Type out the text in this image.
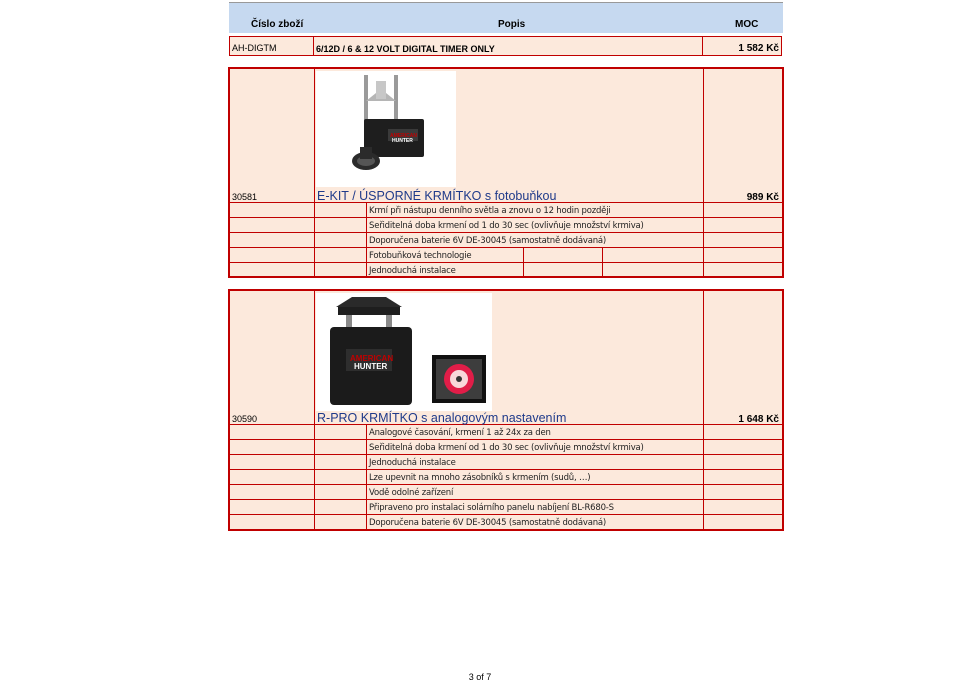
Číslo zboží	Popis	MOC
AH-DIGTM	6/12D / 6 & 12 VOLT DIGITAL TIMER ONLY	1 582 Kč
AMERICAN
HUNTER
30581	E-KIT / ÚSPORNÉ KRMÍTKO s fotobuňkou	989 Kč
Krmí při nástupu denního světla a znovu o 12 hodin později
Seřiditelná doba krmení od 1 do 30 sec (ovlivňuje množství krmiva)
Doporučena baterie 6V DE-30045 (samostatně dodávaná)
Fotobuňková technologie
Jednoduchá instalace
AMERICAN
HUNTER
30590	R-PRO KRMÍTKO s analogovým nastavením	1 648 Kč
Analogové časování, krmení 1 až 24x za den
Seřiditelná doba krmení od 1 do 30 sec (ovlivňuje množství krmiva)
Jednoduchá instalace
Lze upevnit na mnoho zásobníků s krmením (sudů, …)
Vodě odolné zařízení
Připraveno pro instalaci solárního panelu nabíjení BL-R680-S
Doporučena baterie 6V DE-30045 (samostatně dodávaná)
3 of 7
